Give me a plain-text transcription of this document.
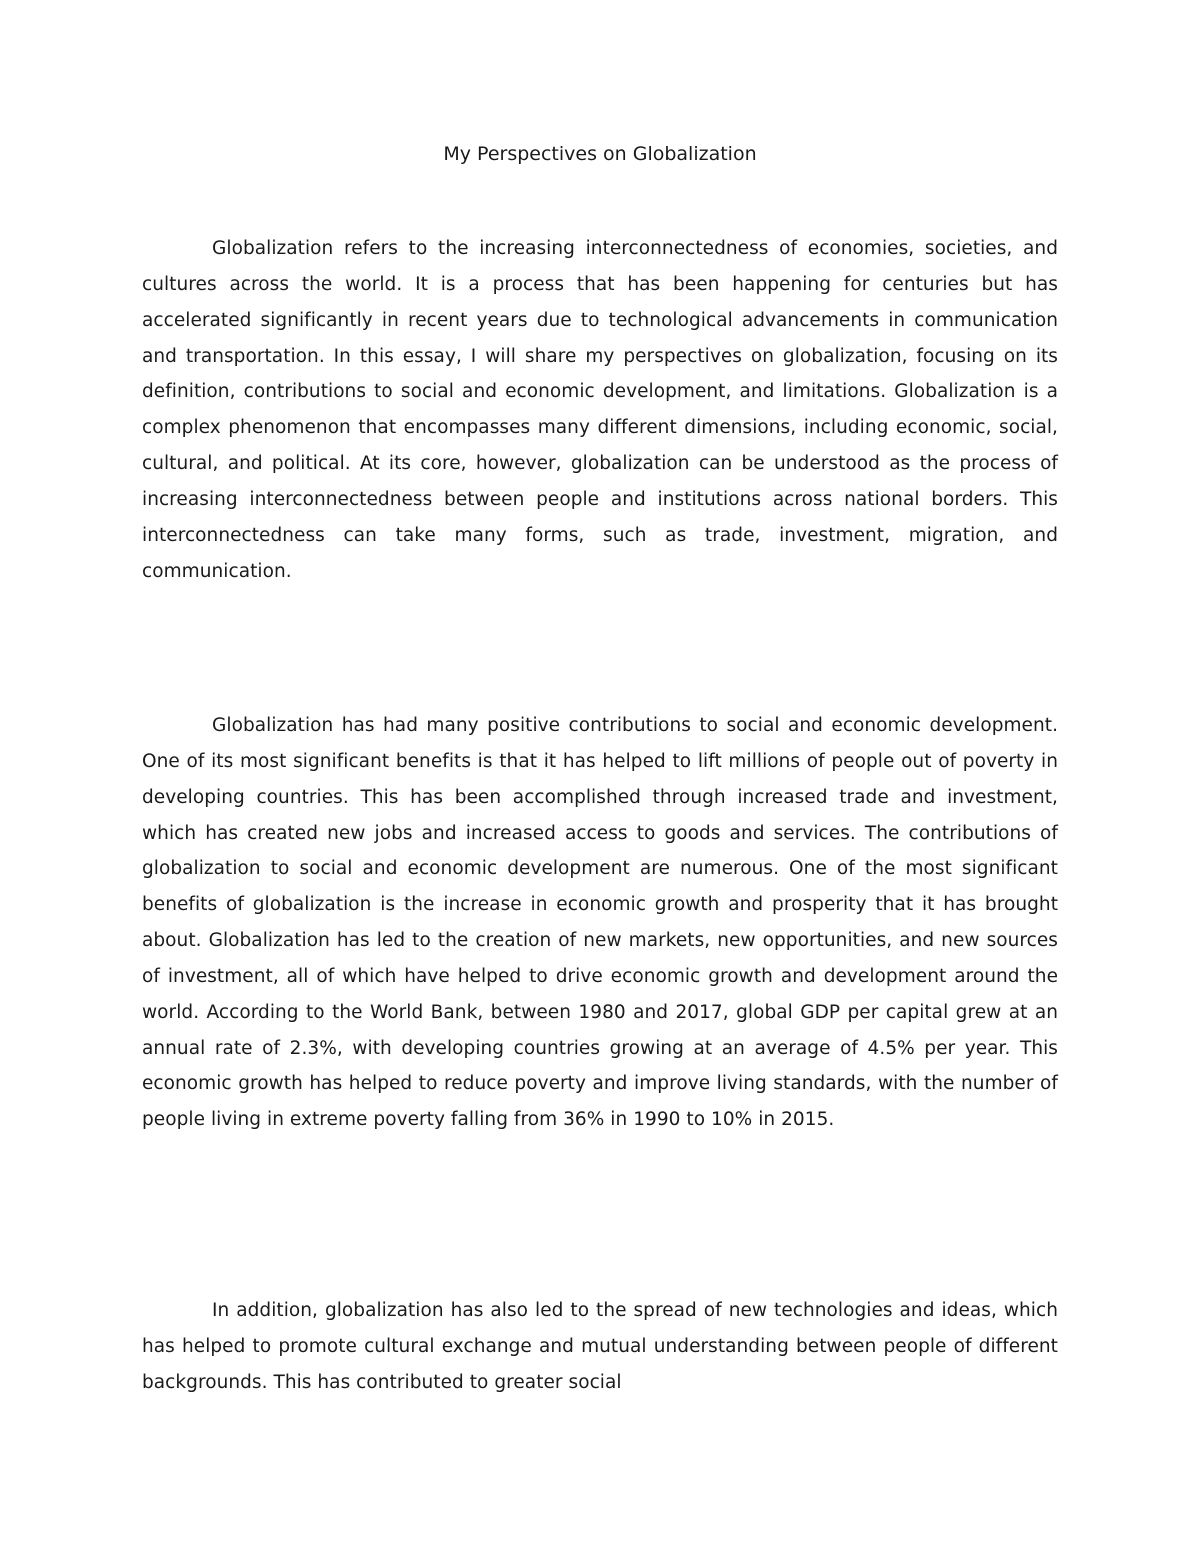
My Perspectives on Globalization

Globalization refers to the increasing interconnectedness of economies, societies, and cultures across the world. It is a process that has been happening for centuries but has accelerated significantly in recent years due to technological advancements in communication and transportation. In this essay, I will share my perspectives on globalization, focusing on its definition, contributions to social and economic development, and limitations. Globalization is a complex phenomenon that encompasses many different dimensions, including economic, social, cultural, and political. At its core, however, globalization can be understood as the process of increasing interconnectedness between people and institutions across national borders. This interconnectedness can take many forms, such as trade, investment, migration, and communication.

Globalization has had many positive contributions to social and economic development. One of its most significant benefits is that it has helped to lift millions of people out of poverty in developing countries. This has been accomplished through increased trade and investment, which has created new jobs and increased access to goods and services. The contributions of globalization to social and economic development are numerous. One of the most significant benefits of globalization is the increase in economic growth and prosperity that it has brought about. Globalization has led to the creation of new markets, new opportunities, and new sources of investment, all of which have helped to drive economic growth and development around the world. According to the World Bank, between 1980 and 2017, global GDP per capital grew at an annual rate of 2.3%, with developing countries growing at an average of 4.5% per year. This economic growth has helped to reduce poverty and improve living standards, with the number of people living in extreme poverty falling from 36% in 1990 to 10% in 2015.

In addition, globalization has also led to the spread of new technologies and ideas, which has helped to promote cultural exchange and mutual understanding between people of different backgrounds. This has contributed to greater social
